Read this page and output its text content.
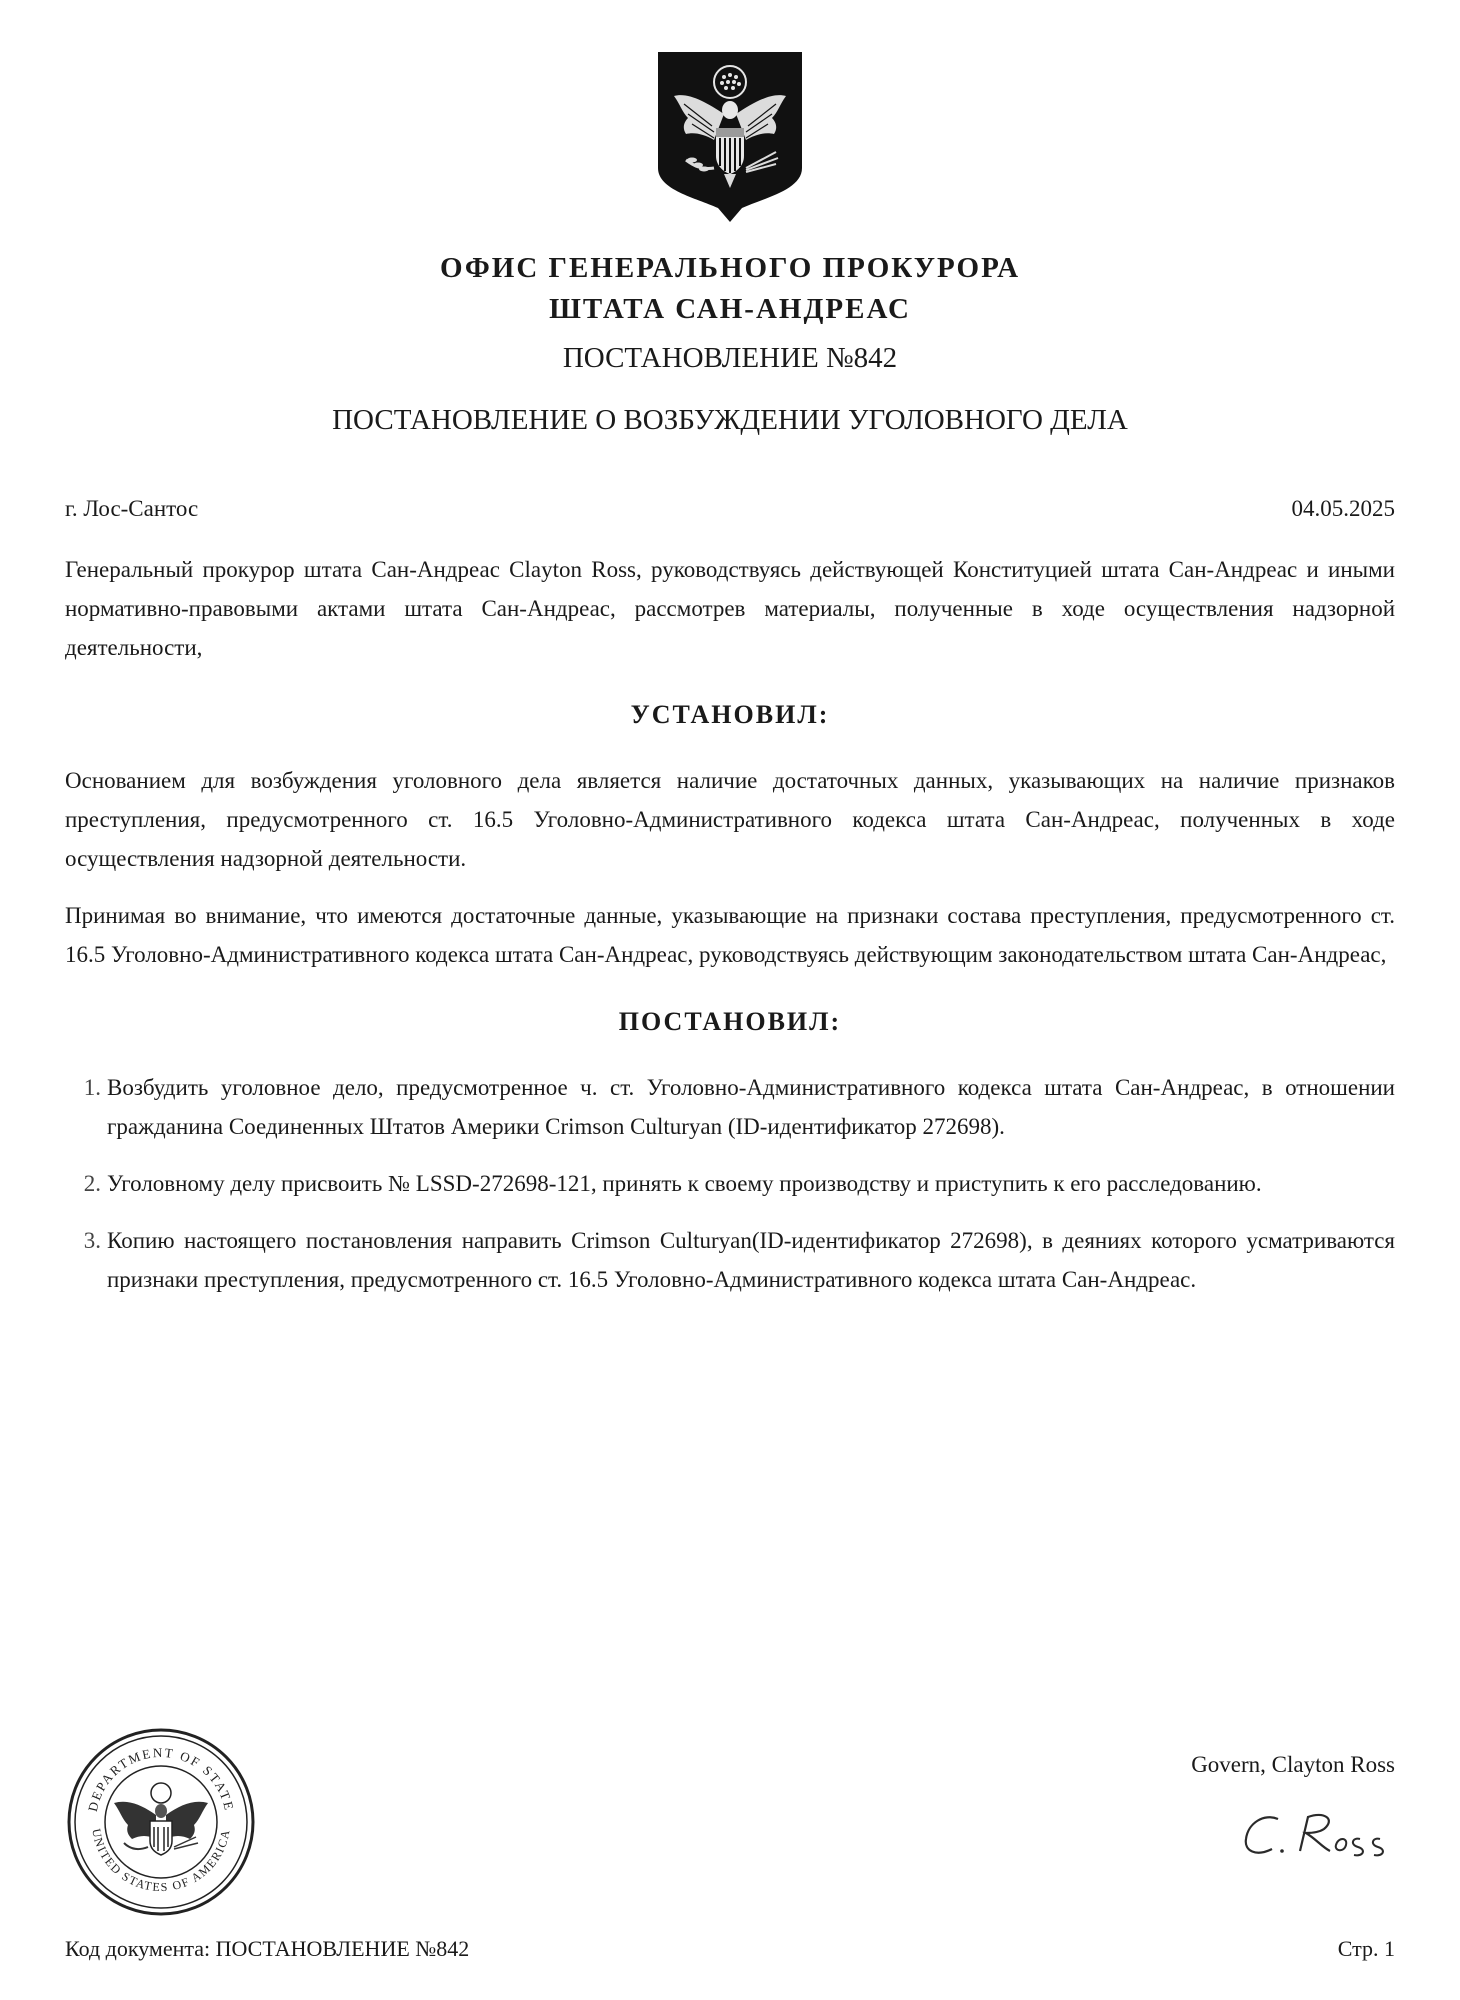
ОФИС ГЕНЕРАЛЬНОГО ПРОКУРОРА
ШТАТА САН-АНДРЕАС
ПОСТАНОВЛЕНИЕ №842
ПОСТАНОВЛЕНИЕ О ВОЗБУЖДЕНИИ УГОЛОВНОГО ДЕЛА
г. Лос-Сантос	04.05.2025

Генеральный прокурор штата Сан-Андреас Clayton Ross, руководствуясь действующей Конституцией штата Сан-Андреас и иными нормативно-правовыми актами штата Сан-Андреас, рассмотрев материалы, полученные в ходе осуществления надзорной деятельности,

УСТАНОВИЛ:

Основанием для возбуждения уголовного дела является наличие достаточных данных, указывающих на наличие признаков преступления, предусмотренного ст. 16.5 Уголовно-Административного кодекса штата Сан-Андреас, полученных в ходе осуществления надзорной деятельности.

Принимая во внимание, что имеются достаточные данные, указывающие на признаки состава преступления, предусмотренного ст. 16.5 Уголовно-Административного кодекса штата Сан-Андреас, руководствуясь действующим законодательством штата Сан-Андреас,

ПОСТАНОВИЛ:
1. Возбудить уголовное дело, предусмотренное ч. ст. Уголовно-Административного кодекса штата Сан-Андреас, в отношении гражданина Соединенных Штатов Америки Crimson Culturyan (ID-идентификатор 272698).
2. Уголовному делу присвоить № LSSD-272698-121, принять к своему производству и приступить к его расследованию.
3. Копию настоящего постановления направить Crimson Culturyan(ID-идентификатор 272698), в деяниях которого усматриваются признаки преступления, предусмотренного ст. 16.5 Уголовно-Административного кодекса штата Сан-Андреас.
DEPARTMENT OF STATE
UNITED STATES OF AMERICA
Govern, Clayton Ross
Код документа: ПОСТАНОВЛЕНИЕ №842	Стр. 1
